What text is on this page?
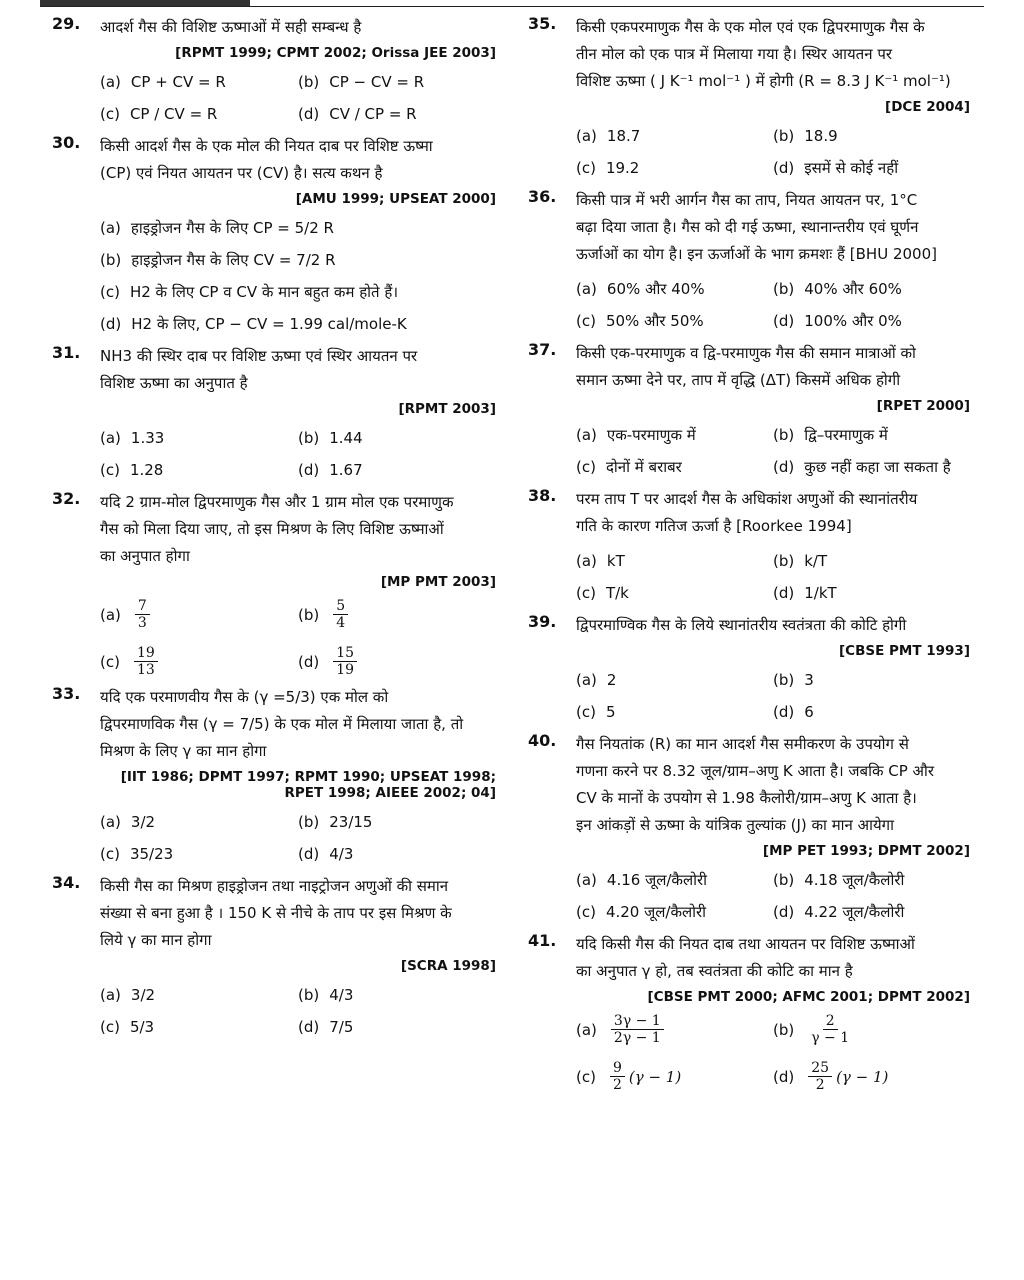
29. आदर्श गैस की विशिष्ट ऊष्माओं में सही सम्बन्ध है
[RPMT 1999; CPMT 2002; Orissa JEE 2003]
(a) CP + CV = R	(b) CP − CV = R
(c) CP / CV = R	(d) CV / CP = R
30. किसी आदर्श गैस के एक मोल की नियत दाब पर विशिष्ट ऊष्मा
(CP) एवं नियत आयतन पर (CV) है। सत्य कथन है
[AMU 1999; UPSEAT 2000]
(a) हाइड्रोजन गैस के लिए CP = 5/2 R
(b) हाइड्रोजन गैस के लिए CV = 7/2 R
(c) H2 के लिए CP व CV के मान बहुत कम होते हैं।
(d) H2 के लिए, CP − CV = 1.99 cal/mole-K
31. NH3 की स्थिर दाब पर विशिष्ट ऊष्मा एवं स्थिर आयतन पर
विशिष्ट ऊष्मा का अनुपात है
[RPMT 2003]
(a) 1.33	(b) 1.44
(c) 1.28	(d) 1.67
32. यदि 2 ग्राम-मोल द्विपरमाणुक गैस और 1 ग्राम मोल एक परमाणुक
गैस को मिला दिया जाए, तो इस मिश्रण के लिए विशिष्ट ऊष्माओं
का अनुपात होगा
[MP PMT 2003]
$(a) \frac{7}{3}$	$(b) \frac{5}{4}$
$(c) \frac{19}{13}$	$(d) \frac{15}{19}$
33. यदि एक परमाणवीय गैस के (γ =5/3) एक मोल को
द्विपरमाणविक गैस (γ = 7/5) के एक मोल में मिलाया जाता है, तो
मिश्रण के लिए γ का मान होगा
[IIT 1986; DPMT 1997; RPMT 1990; UPSEAT 1998; RPET 1998; AIEEE 2002; 04]
(a) 3/2	(b) 23/15
(c) 35/23	(d) 4/3
34. किसी गैस का मिश्रण हाइड्रोजन तथा नाइट्रोजन अणुओं की समान
संख्या से बना हुआ है । 150 K से नीचे के ताप पर इस मिश्रण के
लिये γ का मान होगा
[SCRA 1998]
(a) 3/2	(b) 4/3
(c) 5/3	(d) 7/5
35. किसी एकपरमाणुक गैस के एक मोल एवं एक द्विपरमाणुक गैस के
तीन मोल को एक पात्र में मिलाया गया है। स्थिर आयतन पर
विशिष्ट ऊष्मा ( J K⁻¹ mol⁻¹ ) में होगी (R = 8.3 J K⁻¹ mol⁻¹)
[DCE 2004]
(a) 18.7	(b) 18.9
(c) 19.2	(d) इसमें से कोई नहीं
36. किसी पात्र में भरी आर्गन गैस का ताप, नियत आयतन पर, 1°C
बढ़ा दिया जाता है। गैस को दी गई ऊष्मा, स्थानान्तरीय एवं घूर्णन
ऊर्जाओं का योग है। इन ऊर्जाओं के भाग क्रमशः हैं [BHU 2000]
(a) 60% और 40%	(b) 40% और 60%
(c) 50% और 50%	(d) 100% और 0%
37. किसी एक-परमाणुक व द्वि-परमाणुक गैस की समान मात्राओं को
समान ऊष्मा देने पर, ताप में वृद्धि (ΔT) किसमें अधिक होगी
[RPET 2000]
(a) एक-परमाणुक में	(b) द्वि–परमाणुक में
(c) दोनों में बराबर	(d) कुछ नहीं कहा जा सकता है
38. परम ताप T पर आदर्श गैस के अधिकांश अणुओं की स्थानांतरीय
गति के कारण गतिज ऊर्जा है [Roorkee 1994]
(a) kT	(b) k/T
(c) T/k	(d) 1/kT
39. द्विपरमाण्विक गैस के लिये स्थानांतरीय स्वतंत्रता की कोटि होगी
[CBSE PMT 1993]
(a) 2	(b) 3
(c) 5	(d) 6
40. गैस नियतांक (R) का मान आदर्श गैस समीकरण के उपयोग से
गणना करने पर 8.32 जूल/ग्राम–अणु K आता है। जबकि CP और
CV के मानों के उपयोग से 1.98 कैलोरी/ग्राम–अणु K आता है।
इन आंकड़ों से ऊष्मा के यांत्रिक तुल्यांक (J) का मान आयेगा
[MP PET 1993; DPMT 2002]
(a) 4.16 जूल/कैलोरी	(b) 4.18 जूल/कैलोरी
(c) 4.20 जूल/कैलोरी	(d) 4.22 जूल/कैलोरी
41. यदि किसी गैस की नियत दाब तथा आयतन पर विशिष्ट ऊष्माओं
का अनुपात γ हो, तब स्वतंत्रता की कोटि का मान है
[CBSE PMT 2000; AFMC 2001; DPMT 2002]
$(a) \frac{3\gamma - 1}{2\gamma - 1}$	$(b) \frac{2}{\gamma - 1}$
$(c) \frac{9}{2} (\gamma - 1)$	$(d) \frac{25}{2} (\gamma - 1)$
